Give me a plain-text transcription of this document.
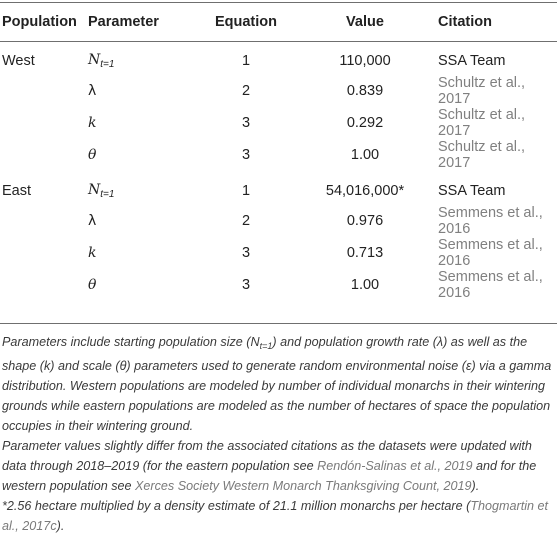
Population	Parameter	Equation	Value	Citation
West	$N_{t=1}$	1	110,000	SSA Team
	λ	2	0.839	Schultz et al., 2017
	k	3	0.292	Schultz et al., 2017
	θ	3	1.00	Schultz et al., 2017
East	$N_{t=1}$	1	54,016,000*	SSA Team
	λ	2	0.976	Semmens et al., 2016
	k	3	0.713	Semmens et al., 2016
	θ	3	1.00	Semmens et al., 2016

Parameters include starting population size $(N_{t=1})$ and population growth rate (λ) as well as the shape (k) and scale (θ) parameters used to generate random environmental noise (ε) via a gamma distribution. Western populations are modeled by number of individual monarchs in their wintering grounds while eastern populations are modeled as the number of hectares of space the population occupies in their wintering ground.

Parameter values slightly differ from the associated citations as the datasets were updated with data through 2018–2019 (for the eastern population see Rendón-Salinas et al., 2019 and for the western population see Xerces Society Western Monarch Thanksgiving Count, 2019).

*2.56 hectare multiplied by a density estimate of 21.1 million monarchs per hectare (Thogmartin et al., 2017c).
